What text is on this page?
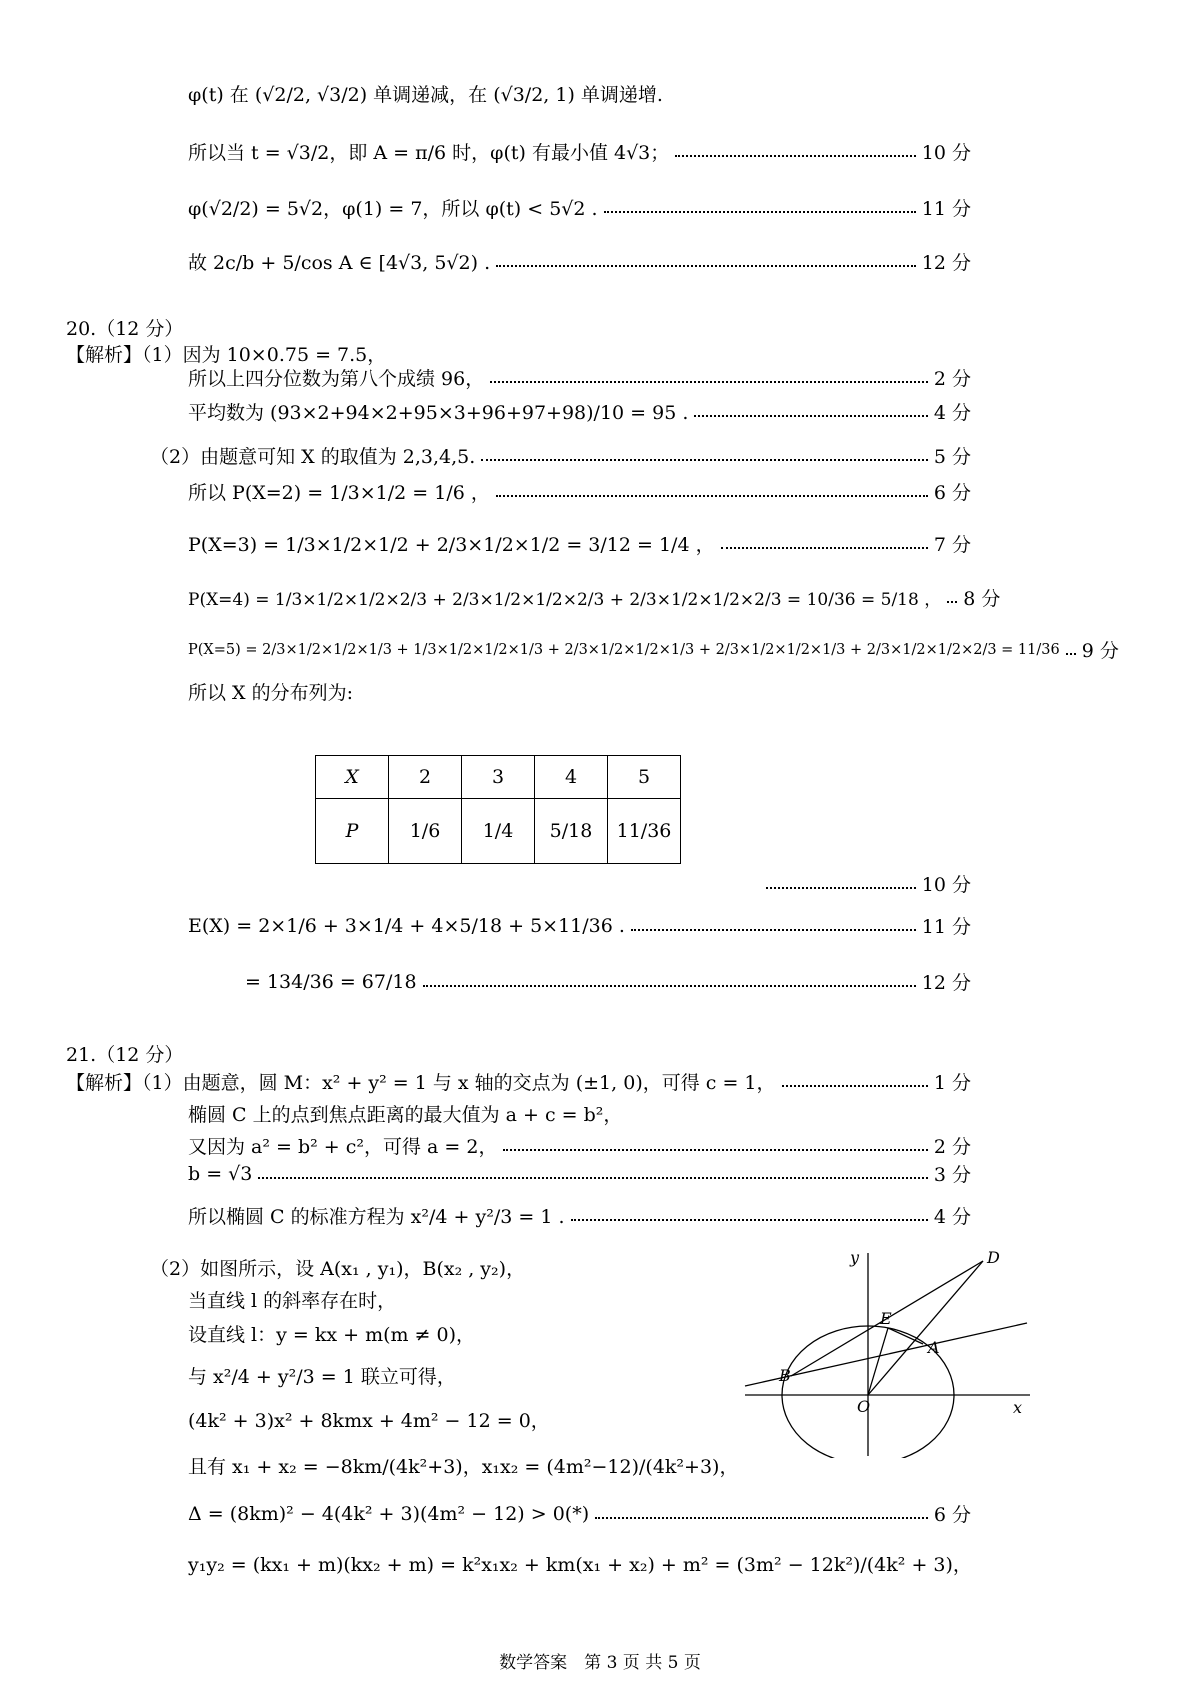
φ(t) 在 (√2/2, √3/2) 单调递减，在 (√3/2, 1) 单调递增.
所以当 t = √3/2，即 A = π/6 时，φ(t) 有最小值 4√3；	10 分
φ(√2/2) = 5√2，φ(1) = 7，所以 φ(t) < 5√2 .	11 分
故 2c/b + 5/cos A ∈ [4√3, 5√2) .	12 分
20.（12 分）
【解析】（1）因为 10×0.75 = 7.5，
所以上四分位数为第八个成绩 96，	2 分
平均数为 (93×2+94×2+95×3+96+97+98)/10 = 95 .	4 分
（2）由题意可知 X 的取值为 2,3,4,5.	5 分
所以 P(X=2) = 1/3×1/2 = 1/6 ，	6 分
P(X=3) = 1/3×1/2×1/2 + 2/3×1/2×1/2 = 3/12 = 1/4 ，	7 分
P(X=4) = 1/3×1/2×1/2×2/3 + 2/3×1/2×1/2×2/3 + 2/3×1/2×1/2×2/3 = 10/36 = 5/18 ， 8 分
P(X=5) = 2/3×1/2×1/2×1/3 + 1/3×1/2×1/2×1/3 + 2/3×1/2×1/2×1/3 + 2/3×1/2×1/2×1/3 + 2/3×1/2×1/2×2/3 = 11/36 9 分
所以 X 的分布列为:
X	2	3	4	5
P	1/6	1/4	5/18	11/36
10 分
E(X) = 2×1/6 + 3×1/4 + 4×5/18 + 5×11/36 .	11 分
= 134/36 = 67/18	12 分
21.（12 分）
【解析】（1）由题意，圆 M：x² + y² = 1 与 x 轴的交点为 (±1, 0)，可得 c = 1，	1 分
椭圆 C 上的点到焦点距离的最大值为 a + c = b²，
又因为 a² = b² + c²，可得 a = 2，	2 分
b = √3	3 分
所以椭圆 C 的标准方程为 x²/4 + y²/3 = 1 .	4 分
（2）如图所示，设 A(x₁ , y₁)，B(x₂ , y₂)，
当直线 l 的斜率存在时，
设直线 l：y = kx + m(m ≠ 0)，
与 x²/4 + y²/3 = 1 联立可得，
(4k² + 3)x² + 8kmx + 4m² − 12 = 0，
且有 x₁ + x₂ = −8km/(4k²+3)，x₁x₂ = (4m²−12)/(4k²+3)，
Δ = (8km)² − 4(4k² + 3)(4m² − 12) > 0(*)	6 分
y₁y₂ = (kx₁ + m)(kx₂ + m) = k²x₁x₂ + km(x₁ + x₂) + m² = (3m² − 12k²)/(4k² + 3)，
y
x
D
E
A
B
O
数学答案　第 3 页 共 5 页
